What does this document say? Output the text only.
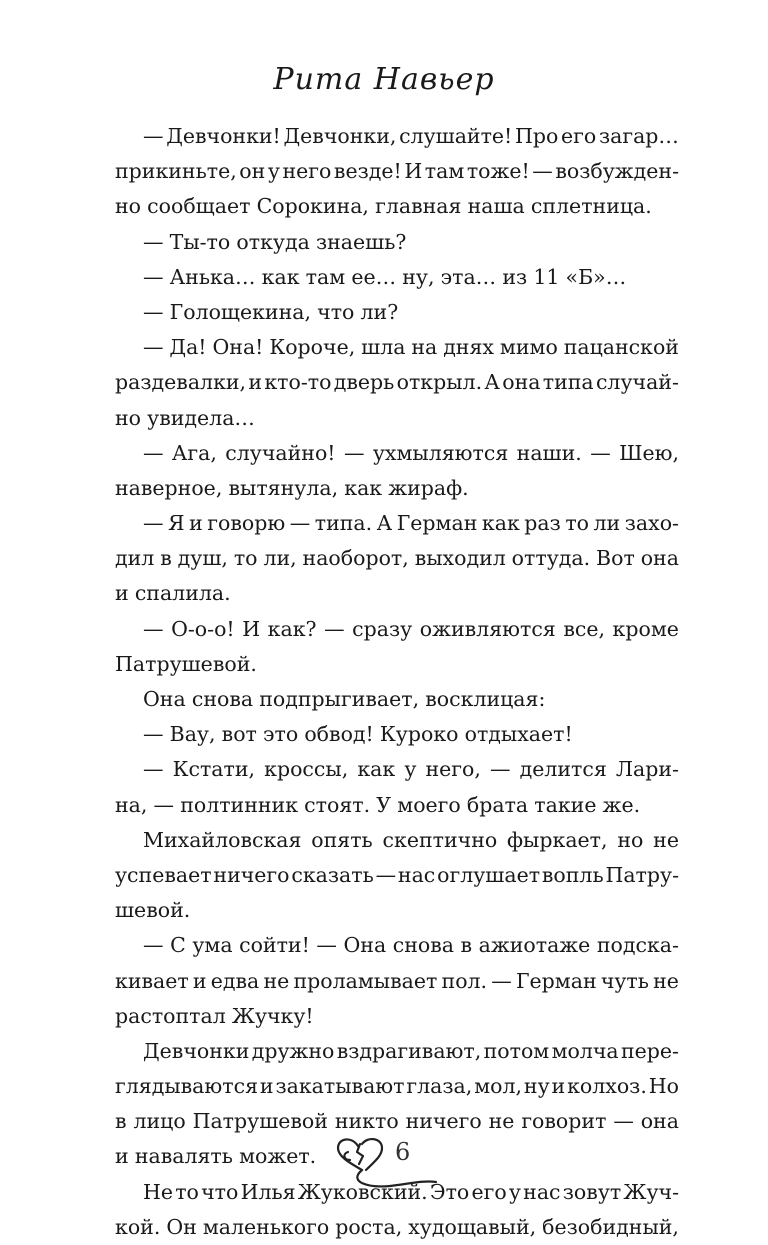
Рита Навьер
— Девчонки! Девчонки, слушайте! Про его загар…
прикиньте, он у него везде! И там тоже! — возбужден-
но сообщает Сорокина, главная наша сплетница.
— Ты-то откуда знаешь?
— Анька… как там ее… ну, эта… из 11 «Б»…
— Голощекина, что ли?
— Да! Она! Короче, шла на днях мимо пацанской
раздевалки, и кто-то дверь открыл. А она типа случай-
но увидела…
— Ага, случайно! — ухмыляются наши. — Шею,
наверное, вытянула, как жираф.
— Я и говорю — типа. А Герман как раз то ли захо-
дил в душ, то ли, наоборот, выходил оттуда. Вот она
и спалила.
— О-о-о! И как? — сразу оживляются все, кроме
Патрушевой.
Она снова подпрыгивает, восклицая:
— Вау, вот это обвод! Куроко отдыхает!
— Кстати, кроссы, как у него, — делится Лари-
на, — полтинник стоят. У моего брата такие же.
Михайловская опять скептично фыркает, но не
успевает ничего сказать — нас оглушает вопль Патру-
шевой.
— С ума сойти! — Она снова в ажиотаже подска-
кивает и едва не проламывает пол. — Герман чуть не
растоптал Жучку!
Девчонки дружно вздрагивают, потом молча пере-
глядываются и закатывают глаза, мол, ну и колхоз. Но
в лицо Патрушевой никто ничего не говорит — она
и навалять может.
Не то что Илья Жуковский. Это его у нас зовут Жуч-
кой. Он маленького роста, худощавый, безобидный,
6
